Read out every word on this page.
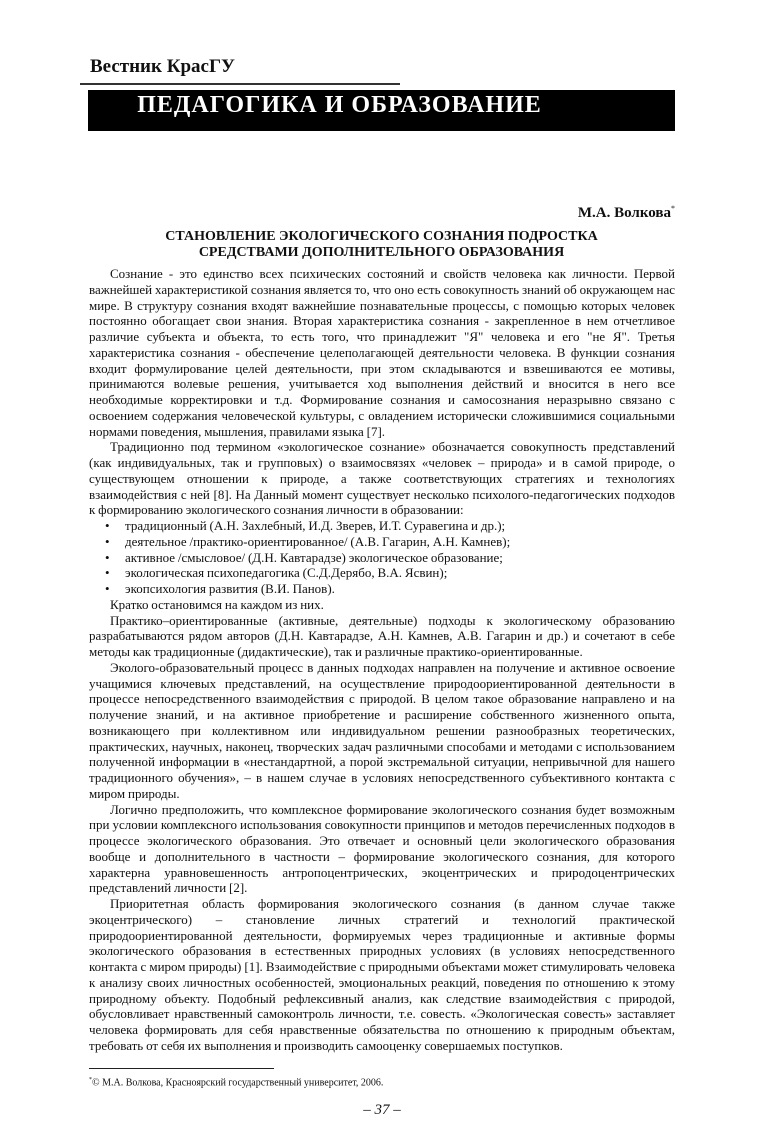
Вестник КрасГУ
ПЕДАГОГИКА И ОБРАЗОВАНИЕ
М.А. Волкова*
СТАНОВЛЕНИЕ ЭКОЛОГИЧЕСКОГО СОЗНАНИЯ ПОДРОСТКА
СРЕДСТВАМИ ДОПОЛНИТЕЛЬНОГО ОБРАЗОВАНИЯ

Сознание - это единство всех психических состояний и свойств человека как личности. Первой важнейшей характеристикой сознания является то, что оно есть совокупность знаний об окружающем нас мире. В структуру сознания входят важнейшие познавательные процессы, с помощью которых человек постоянно обогащает свои знания. Вторая характеристика сознания - закрепленное в нем отчетливое различие субъекта и объекта, то есть того, что принадлежит "Я" человека и его "не Я". Третья характеристика сознания - обеспечение целеполагающей деятельности человека. В функции сознания входит формулирование целей деятельности, при этом складываются и взвешиваются ее мотивы, принимаются волевые решения, учитывается ход выполнения действий и вносится в него все необходимые корректировки и т.д. Формирование сознания и самосознания неразрывно связано с освоением содержания человеческой культуры, с овладением исторически сложившимися социальными нормами поведения, мышления, правилами языка [7].

Традиционно под термином «экологическое сознание» обозначается совокупность представлений (как индивидуальных, так и групповых) о взаимосвязях «человек – природа» и в самой природе, о существующем отношении к природе, а также соответствующих стратегиях и технологиях взаимодействия с ней [8]. На Данный момент существует несколько психолого-педагогических подходов к формированию экологического сознания личности в образовании:

• традиционный (А.Н. Захлебный, И.Д. Зверев, И.Т. Суравегина и др.);
• деятельное /практико-ориентированное/ (А.В. Гагарин, А.Н. Камнев);
• активное /смысловое/ (Д.Н. Кавтарадзе) экологическое образование;
• экологическая психопедагогика (С.Д.Дерябо, В.А. Ясвин);
• экопсихология развития (В.И. Панов).

Кратко остановимся на каждом из них.

Практико–ориентированные (активные, деятельные) подходы к экологическому образованию разрабатываются рядом авторов (Д.Н. Кавтарадзе, А.Н. Камнев, А.В. Гагарин и др.) и сочетают в себе методы как традиционные (дидактические), так и различные практико-ориентированные.

Эколого-образовательный процесс в данных подходах направлен на получение и активное освоение учащимися ключевых представлений, на осуществление природоориентированной деятельности в процессе непосредственного взаимодействия с природой. В целом такое образование направлено и на получение знаний, и на активное приобретение и расширение собственного жизненного опыта, возникающего при коллективном или индивидуальном решении разнообразных теоретических, практических, научных, наконец, творческих задач различными способами и методами с использованием полученной информации в «нестандартной, а порой экстремальной ситуации, непривычной для нашего традиционного обучения», – в нашем случае в условиях непосредственного субъективного контакта с миром природы.

Логично предположить, что комплексное формирование экологического сознания будет возможным при условии комплексного использования совокупности принципов и методов перечисленных подходов в процессе экологического образования. Это отвечает и основный цели экологического образования вообще и дополнительного в частности – формирование экологического сознания, для которого характерна уравновешенность антропоцентрических, экоцентрических и природоцентрических представлений личности [2].

Приоритетная область формирования экологического сознания (в данном случае также экоцентрического) – становление личных стратегий и технологий практической природоориентированной деятельности, формируемых через традиционные и активные формы экологического образования в естественных природных условиях (в условиях непосредственного контакта с миром природы) [1]. Взаимодействие с природными объектами может стимулировать человека к анализу своих личностных особенностей, эмоциональных реакций, поведения по отношению к этому природному объекту. Подобный рефлексивный анализ, как следствие взаимодействия с природой, обусловливает нравственный самоконтроль личности, т.е. совесть. «Экологическая совесть» заставляет человека формировать для себя нравственные обязательства по отношению к природным объектам, требовать от себя их выполнения и производить самооценку совершаемых поступков.

*© М.А. Волкова, Красноярский государственный университет, 2006.
– 37 –
